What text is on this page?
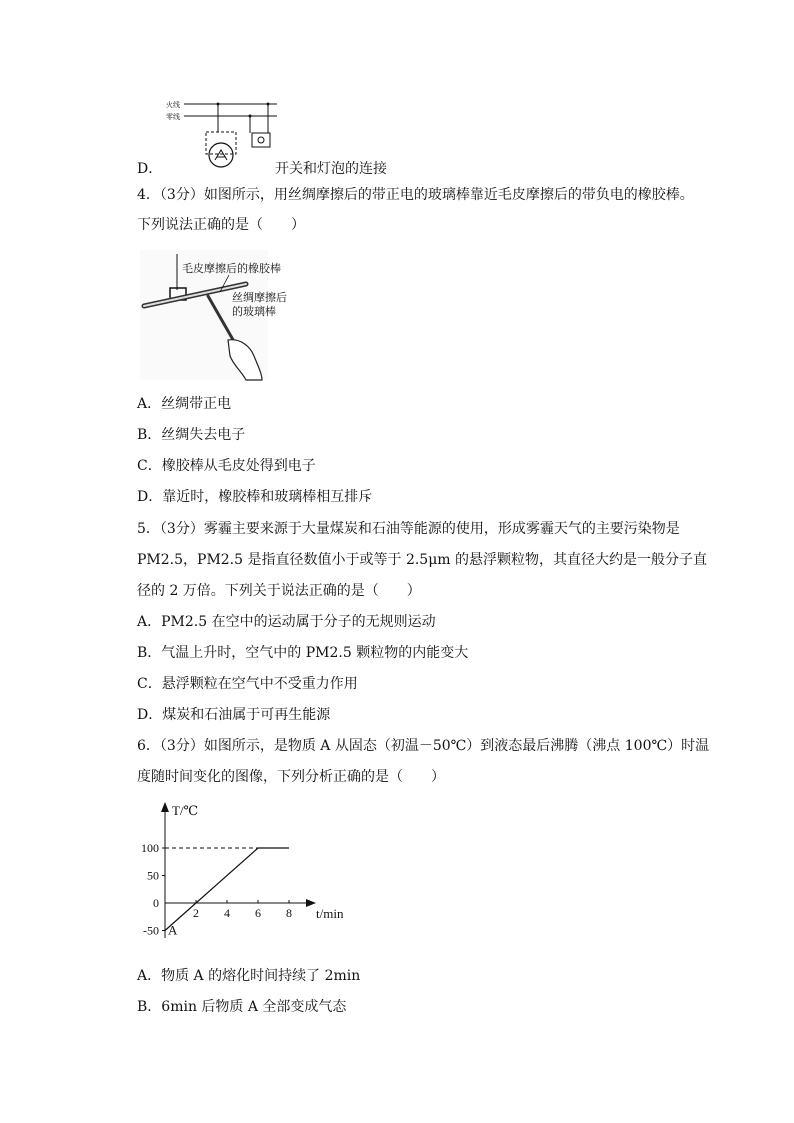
火线
零线
D．	开关和灯泡的连接
4．（3分）如图所示，用丝绸摩擦后的带正电的玻璃棒靠近毛皮摩擦后的带负电的橡胶棒。
下列说法正确的是（　　）
毛皮摩擦后的橡胶棒
丝绸摩擦后
的玻璃棒
A．丝绸带正电
B．丝绸失去电子
C．橡胶棒从毛皮处得到电子
D．靠近时，橡胶棒和玻璃棒相互排斥
5．（3分）雾霾主要来源于大量煤炭和石油等能源的使用，形成雾霾天气的主要污染物是
PM2.5，PM2.5 是指直径数值小于或等于 2.5μm 的悬浮颗粒物，其直径大约是一般分子直
径的 2 万倍。下列关于说法正确的是（　　）
A．PM2.5 在空中的运动属于分子的无规则运动
B．气温上升时，空气中的 PM2.5 颗粒物的内能变大
C．悬浮颗粒在空气中不受重力作用
D．煤炭和石油属于可再生能源
6．（3分）如图所示，是物质 A 从固态（初温－50℃）到液态最后沸腾（沸点 100℃）时温
度随时间变化的图像，下列分析正确的是（　　）
T/℃
t/min
100
50
0
-50
2 4 6 8
A
A．物质 A 的熔化时间持续了 2min
B．6min 后物质 A 全部变成气态
